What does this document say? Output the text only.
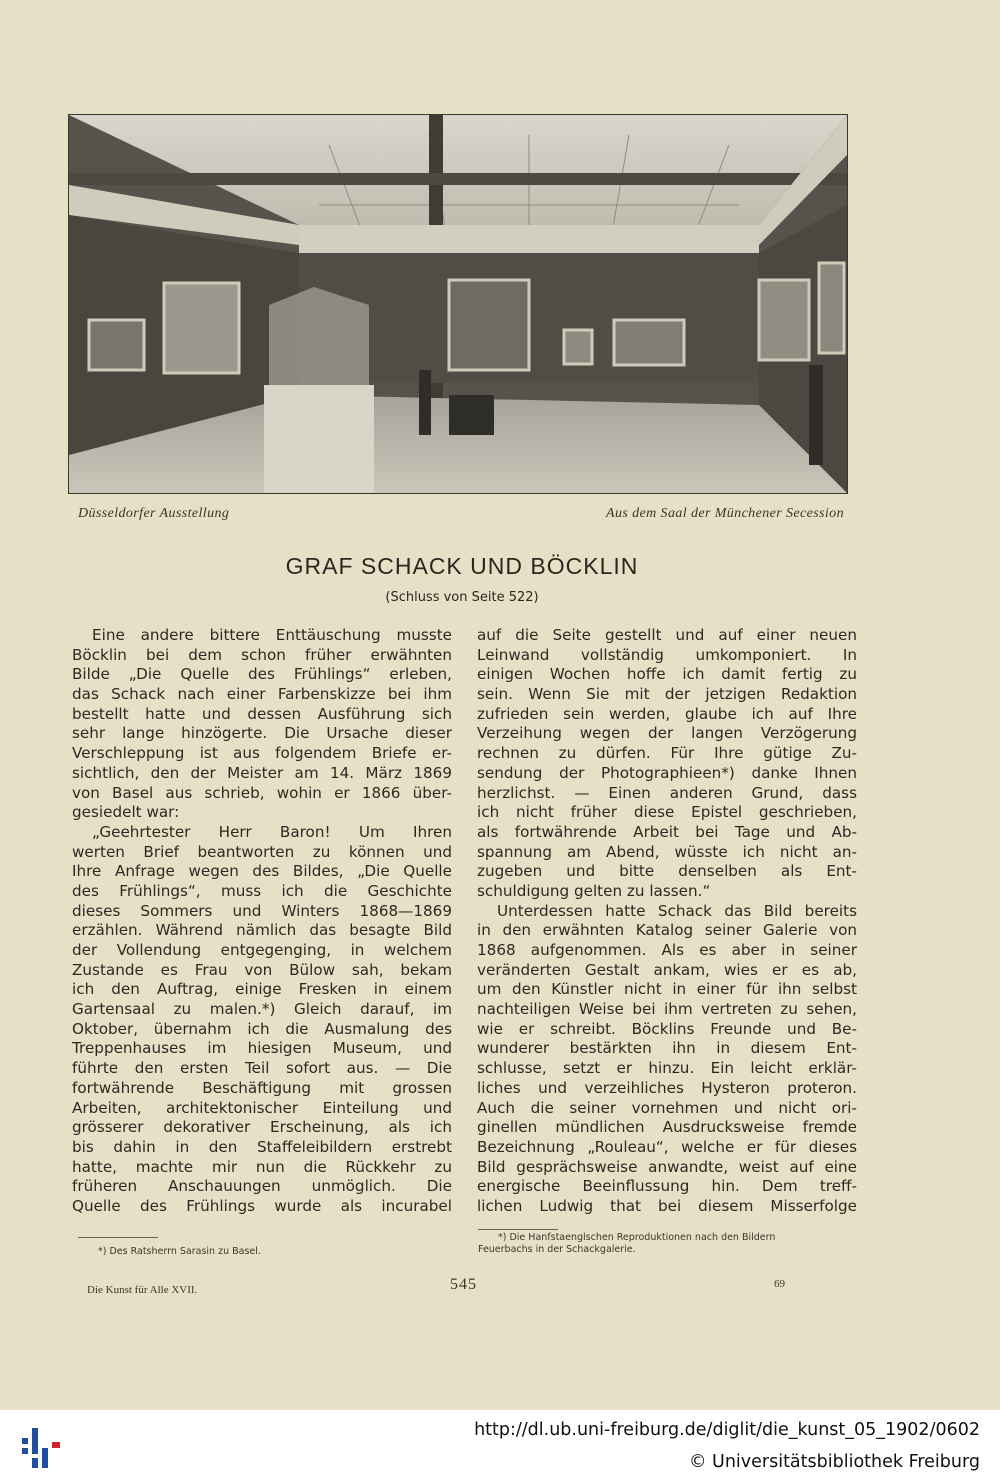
Düsseldorfer Ausstellung	Aus dem Saal der Münchener Secession
GRAF SCHACK UND BÖCKLIN
(Schluss von Seite 522)
Eine andere bittere Enttäuschung musste
Böcklin bei dem schon früher erwähnten
Bilde „Die Quelle des Frühlings“ erleben,
das Schack nach einer Farbenskizze bei ihm
bestellt hatte und dessen Ausführung sich
sehr lange hinzögerte. Die Ursache dieser
Verschleppung ist aus folgendem Briefe er-
sichtlich, den der Meister am 14. März 1869
von Basel aus schrieb, wohin er 1866 über-
gesiedelt war:
„Geehrtester Herr Baron! Um Ihren
werten Brief beantworten zu können und
Ihre Anfrage wegen des Bildes, „Die Quelle
des Frühlings“, muss ich die Geschichte
dieses Sommers und Winters 1868—1869
erzählen. Während nämlich das besagte Bild
der Vollendung entgegenging, in welchem
Zustande es Frau von Bülow sah, bekam
ich den Auftrag, einige Fresken in einem
Gartensaal zu malen.*) Gleich darauf, im
Oktober, übernahm ich die Ausmalung des
Treppenhauses im hiesigen Museum, und
führte den ersten Teil sofort aus. — Die
fortwährende Beschäftigung mit grossen
Arbeiten, architektonischer Einteilung und
grösserer dekorativer Erscheinung, als ich
bis dahin in den Staffeleibildern erstrebt
hatte, machte mir nun die Rückkehr zu
früheren Anschauungen unmöglich. Die
Quelle des Frühlings wurde als incurabel
auf die Seite gestellt und auf einer neuen
Leinwand vollständig umkomponiert. In
einigen Wochen hoffe ich damit fertig zu
sein. Wenn Sie mit der jetzigen Redaktion
zufrieden sein werden, glaube ich auf Ihre
Verzeihung wegen der langen Verzögerung
rechnen zu dürfen. Für Ihre gütige Zu-
sendung der Photographieen*) danke Ihnen
herzlichst. — Einen anderen Grund, dass
ich nicht früher diese Epistel geschrieben,
als fortwährende Arbeit bei Tage und Ab-
spannung am Abend, wüsste ich nicht an-
zugeben und bitte denselben als Ent-
schuldigung gelten zu lassen.“
Unterdessen hatte Schack das Bild bereits
in den erwähnten Katalog seiner Galerie von
1868 aufgenommen. Als es aber in seiner
veränderten Gestalt ankam, wies er es ab,
um den Künstler nicht in einer für ihn selbst
nachteiligen Weise bei ihm vertreten zu sehen,
wie er schreibt. Böcklins Freunde und Be-
wunderer bestärkten ihn in diesem Ent-
schlusse, setzt er hinzu. Ein leicht erklär-
liches und verzeihliches Hysteron proteron.
Auch die seiner vornehmen und nicht ori-
ginellen mündlichen Ausdrucksweise fremde
Bezeichnung „Rouleau“, welche er für dieses
Bild gesprächsweise anwandte, weist auf eine
energische Beeinflussung hin. Dem treff-
lichen Ludwig that bei diesem Misserfolge
*) Des Ratsherrn Sarasin zu Basel.
*) Die Hanfstaenglschen Reproduktionen nach den Bildern
Feuerbachs in der Schackgalerie.
Die Kunst für Alle XVII.	545	69
http://dl.ub.uni-freiburg.de/diglit/die_kunst_05_1902/0602
© Universitätsbibliothek Freiburg
